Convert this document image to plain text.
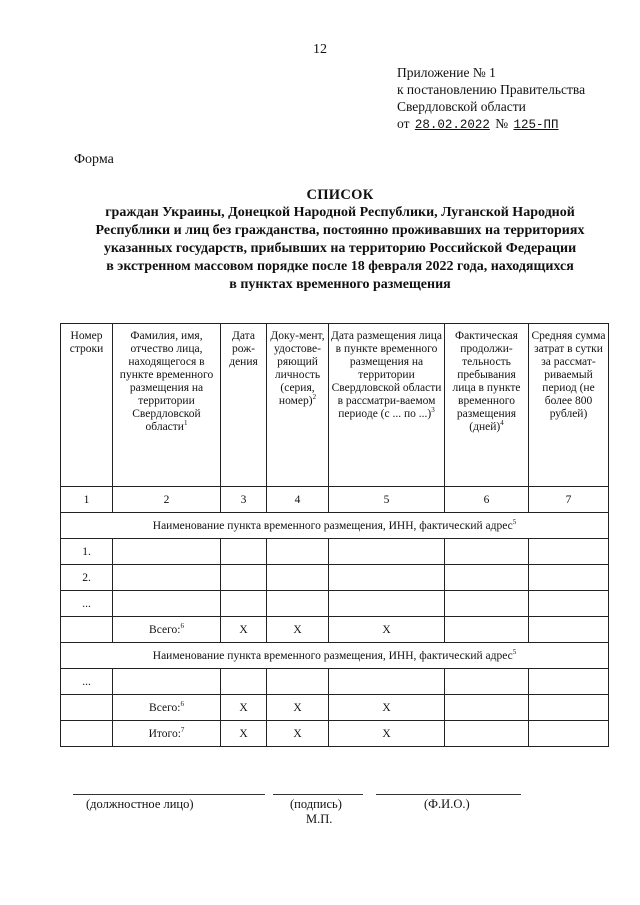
12
Приложение № 1
к постановлению Правительства
Свердловской области
от 28.02.2022 № 125-ПП
Форма
СПИСОК
граждан Украины, Донецкой Народной Республики, Луганской Народной
Республики и лиц без гражданства, постоянно проживавших на территориях
указанных государств, прибывших на территорию Российской Федерации
в экстренном массовом порядке после 18 февраля 2022 года, находящихся
в пунктах временного размещения
Номер строки	Фамилия, имя, отчество лица, находящегося в пункте временного размещения на территории Свердловской области$^1$	Дата рож-дения	Доку-мент, удостове-ряющий личность (серия, номер)$^2$	Дата размещения лица в пункте временного размещения на территории Свердловской области в рассматри-ваемом периоде (с ... по ...)$^3$	Фактическая продолжи-тельность пребывания лица в пункте временного размещения (дней)$^4$	Средняя сумма затрат в сутки за рассмат-риваемый период (не более 800 рублей)
1	2	3	4	5	6	7
Наименование пункта временного размещения, ИНН, фактический адрес$^5$
1.						
2.						
...						
	Всего:$^6$	Х	Х	Х		
Наименование пункта временного размещения, ИНН, фактический адрес$^5$
...						
	Всего:$^6$	Х	Х	Х		
	Итого:$^7$	Х	Х	Х		
(должностное лицо)	(подпись)	(Ф.И.О.)
М.П.
